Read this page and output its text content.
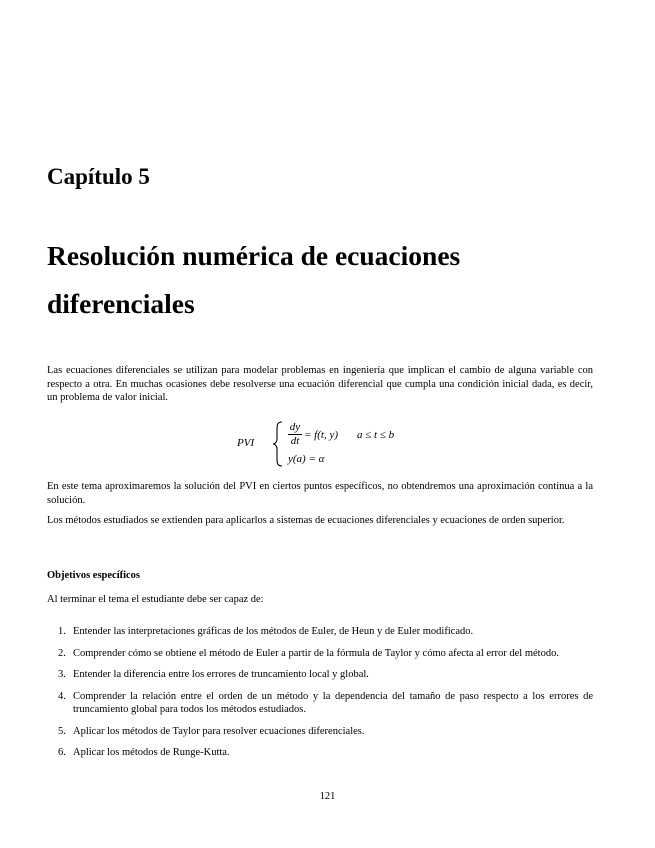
Capítulo 5
Resolución numérica de ecuaciones diferenciales

Las ecuaciones diferenciales se utilizan para modelar problemas en ingeniería que implican el cambio de alguna variable con respecto a otra. En muchas ocasiones debe resolverse una ecuación diferencial que cumpla una condición inicial dada, es decir, un problema de valor inicial.

PVI
dy
dt = f(t, y) a ≤ t ≤ b
y(a) = α

En este tema aproximaremos la solución del PVI en ciertos puntos específicos, no obtendremos una aproximación continua a la solución.

Los métodos estudiados se extienden para aplicarlos a sistemas de ecuaciones diferenciales y ecuaciones de orden superior.

Objetivos específicos
Al terminar el tema el estudiante debe ser capaz de:
1. Entender las interpretaciones gráficas de los métodos de Euler, de Heun y de Euler modificado.
2. Comprender cómo se obtiene el método de Euler a partir de la fórmula de Taylor y cómo afecta al error del método.
3. Entender la diferencia entre los errores de truncamiento local y global.
4. Comprender la relación entre el orden de un método y la dependencia del tamaño de paso respecto a los errores de truncamiento global para todos los métodos estudiados.
5. Aplicar los métodos de Taylor para resolver ecuaciones diferenciales.
6. Aplicar los métodos de Runge-Kutta.
121
